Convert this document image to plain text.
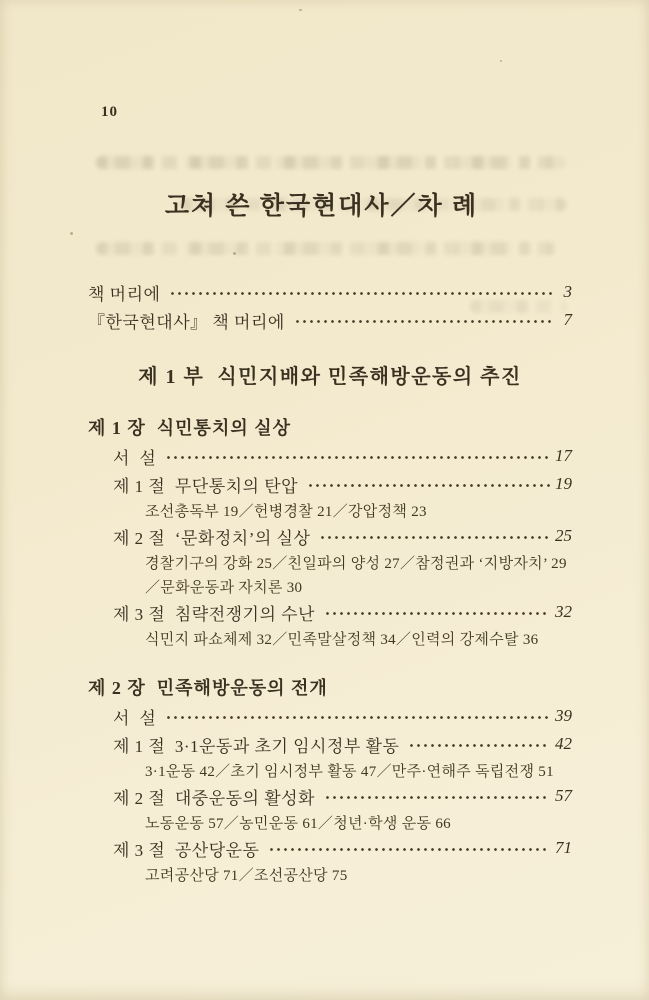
10
고쳐 쓴 한국현대사／차 례
책 머리에	3
『한국현대사』 책 머리에	7
제 1 부  식민지배와 민족해방운동의 추진
제 1 장  식민통치의 실상
서  설	17
제 1 절  무단통치의 탄압	19
조선총독부 19／헌병경찰 21／강압정책 23
제 2 절  ‘문화정치’의 실상	25
경찰기구의 강화 25／친일파의 양성 27／참정권과 ‘지방자치’ 29
／문화운동과 자치론 30
제 3 절  침략전쟁기의 수난	32
식민지 파쇼체제 32／민족말살정책 34／인력의 강제수탈 36
제 2 장  민족해방운동의 전개
서  설	39
제 1 절  3·1운동과 초기 임시정부 활동	42
3·1운동 42／초기 임시정부 활동 47／만주·연해주 독립전쟁 51
제 2 절  대중운동의 활성화	57
노동운동 57／농민운동 61／청년·학생 운동 66
제 3 절  공산당운동	71
고려공산당 71／조선공산당 75
